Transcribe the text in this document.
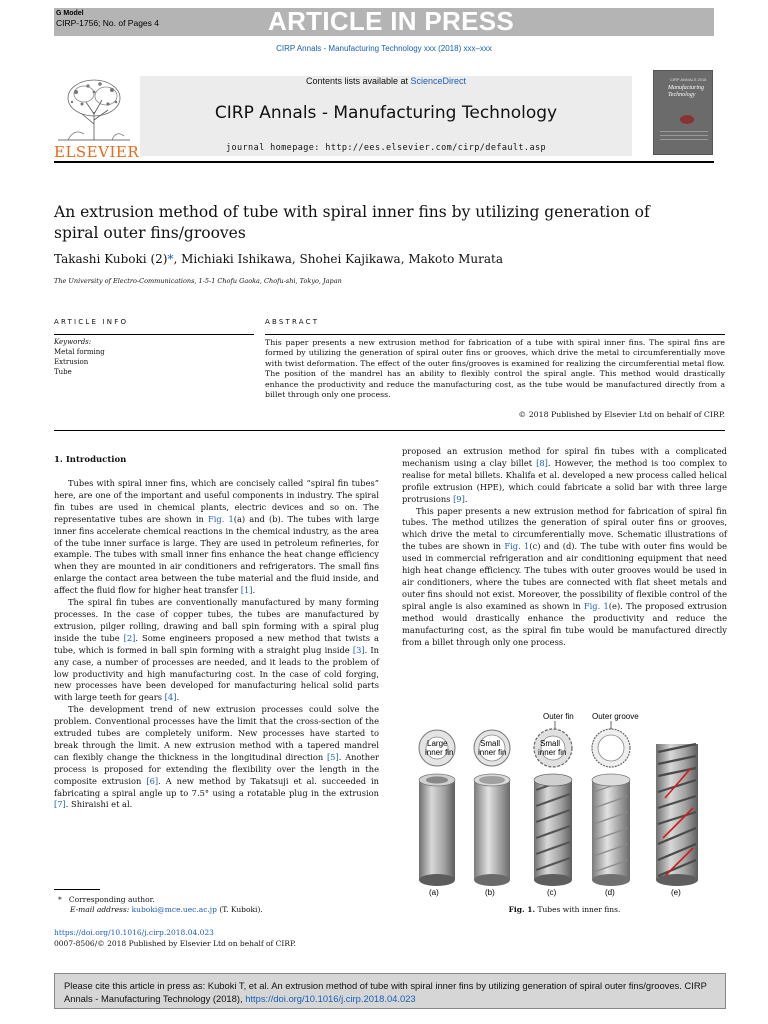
G Model
CIRP-1756; No. of Pages 4	ARTICLE IN PRESS
CIRP Annals - Manufacturing Technology xxx (2018) xxx–xxx
ELSEVIER
Contents lists available at ScienceDirect
CIRP Annals - Manufacturing Technology
journal homepage: http://ees.elsevier.com/cirp/default.asp
CIRP ANNALS 2018
Manufacturing Technology
An extrusion method of tube with spiral inner fins by utilizing generation of spiral outer fins/grooves
Takashi Kuboki (2)*, Michiaki Ishikawa, Shohei Kajikawa, Makoto Murata
The University of Electro-Communications, 1-5-1 Chofu Gaoka, Chofu-shi, Tokyo, Japan
ARTICLE INFO	ABSTRACT
Keywords:
Metal forming
Extrusion
Tube
This paper presents a new extrusion method for fabrication of a tube with spiral inner fins. The spiral fins are formed by utilizing the generation of spiral outer fins or grooves, which drive the metal to circumferentially move with twist deformation. The effect of the outer fins/grooves is examined for realizing the circumferential metal flow. The position of the mandrel has an ability to flexibly control the spiral angle. This method would drastically enhance the productivity and reduce the manufacturing cost, as the tube would be manufactured directly from a billet through only one process.
© 2018 Published by Elsevier Ltd on behalf of CIRP.
1. Introduction

Tubes with spiral inner fins, which are concisely called “spiral fin tubes” here, are one of the important and useful components in industry. The spiral fin tubes are used in chemical plants, electric devices and so on. The representative tubes are shown in Fig. 1(a) and (b). The tubes with large inner fins accelerate chemical reactions in the chemical industry, as the area of the tube inner surface is large. They are used in petroleum refineries, for example. The tubes with small inner fins enhance the heat change efficiency when they are mounted in air conditioners and refrigerators. The small fins enlarge the contact area between the tube material and the fluid inside, and affect the fluid flow for higher heat transfer [1].

The spiral fin tubes are conventionally manufactured by many forming processes. In the case of copper tubes, the tubes are manufactured by extrusion, pilger rolling, drawing and ball spin forming with a spiral plug inside the tube [2]. Some engineers proposed a new method that twists a tube, which is formed in ball spin forming with a straight plug inside [3]. In any case, a number of processes are needed, and it leads to the problem of low productivity and high manufacturing cost. In the case of cold forging, new processes have been developed for manufacturing helical solid parts with large teeth for gears [4].

The development trend of new extrusion processes could solve the problem. Conventional processes have the limit that the cross-section of the extruded tubes are completely uniform. New processes have started to break through the limit. A new extrusion method with a tapered mandrel can flexibly change the thickness in the longitudinal direction [5]. Another process is proposed for extending the flexibility over the length in the composite extrusion [6]. A new method by Takatsuji et al. succeeded in fabricating a spiral angle up to 7.5° using a rotatable plug in the extrusion [7]. Shiraishi et al.

proposed an extrusion method for spiral fin tubes with a complicated mechanism using a clay billet [8]. However, the method is too complex to realise for metal billets. Khalifa et al. developed a new process called helical profile extrusion (HPE), which could fabricate a solid bar with three large protrusions [9].

This paper presents a new extrusion method for fabrication of spiral fin tubes. The method utilizes the generation of spiral outer fins or grooves, which drive the metal to circumferentially move. Schematic illustrations of the tubes are shown in Fig. 1(c) and (d). The tube with outer fins would be used in commercial refrigeration and air conditioning equipment that need high heat change efficiency. The tubes with outer grooves would be used in air conditioners, where the tubes are connected with flat sheet metals and outer fins should not exist. Moreover, the possibility of flexible control of the spiral angle is also examined as shown in Fig. 1(e). The proposed extrusion method would drastically enhance the productivity and reduce the manufacturing cost, as the spiral fin tube would be manufactured directly from a billet through only one process.

Outer fin Outer groove
Large
inner fin
Small
inner fin
Small
inner fin
(a)	(b)	(c)	(d)	(e)
Fig. 1. Tubes with inner fins.
* Corresponding author.
E-mail address: kuboki@mce.uec.ac.jp (T. Kuboki).
https://doi.org/10.1016/j.cirp.2018.04.023
0007-8506/© 2018 Published by Elsevier Ltd on behalf of CIRP.
Please cite this article in press as: Kuboki T, et al. An extrusion method of tube with spiral inner fins by utilizing generation of spiral outer fins/grooves. CIRP Annals - Manufacturing Technology (2018), https://doi.org/10.1016/j.cirp.2018.04.023
